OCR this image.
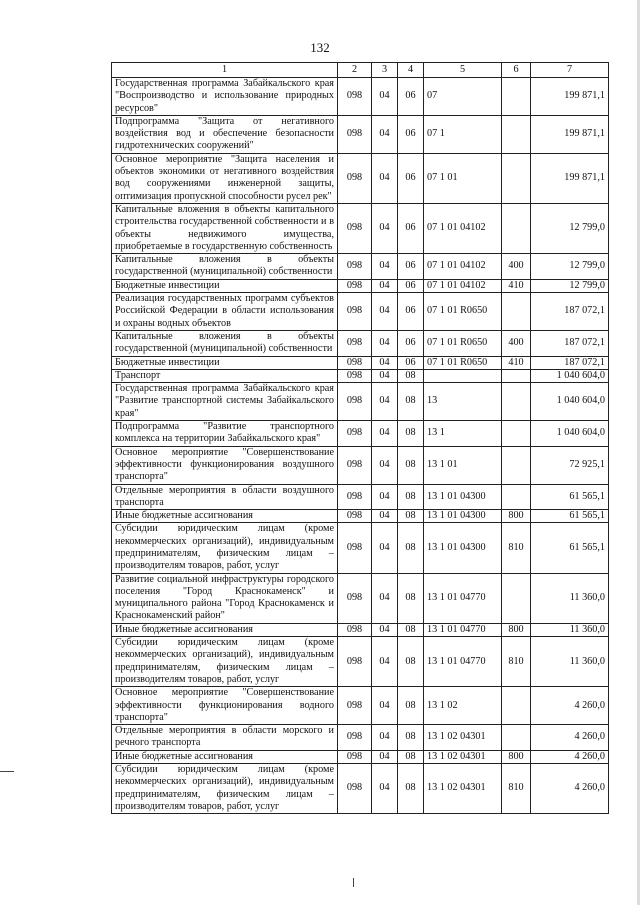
132
1	2	3	4	5	6	7
Государственная программа Забайкальского края "Воспроизводство и использование природных ресурсов"	098	04	06	07		199 871,1
Подпрограмма "Защита от негативного воздействия вод и обеспечение безопасности гидротехнических сооружений"	098	04	06	07 1		199 871,1
Основное мероприятие "Защита населения и объектов экономики от негативного воздействия вод сооружениями инженерной защиты, оптимизация пропускной способности русел рек"	098	04	06	07 1 01		199 871,1
Капитальные вложения в объекты капитального строительства государственной собственности и в объекты недвижимого имущества, приобретаемые в государственную собственность	098	04	06	07 1 01 04102		12 799,0
Капитальные вложения в объекты государственной (муниципальной) собственности	098	04	06	07 1 01 04102	400	12 799,0
Бюджетные инвестиции	098	04	06	07 1 01 04102	410	12 799,0
Реализация государственных программ субъектов Российской Федерации в области использования и охраны водных объектов	098	04	06	07 1 01 R0650		187 072,1
Капитальные вложения в объекты государственной (муниципальной) собственности	098	04	06	07 1 01 R0650	400	187 072,1
Бюджетные инвестиции	098	04	06	07 1 01 R0650	410	187 072,1
Транспорт	098	04	08			1 040 604,0
Государственная программа Забайкальского края "Развитие транспортной системы Забайкальского края"	098	04	08	13		1 040 604,0
Подпрограмма "Развитие транспортного комплекса на территории Забайкальского края"	098	04	08	13 1		1 040 604,0
Основное мероприятие "Совершенствование эффективности функционирования воздушного транспорта"	098	04	08	13 1 01		72 925,1
Отдельные мероприятия в области воздушного транспорта	098	04	08	13 1 01 04300		61 565,1
Иные бюджетные ассигнования	098	04	08	13 1 01 04300	800	61 565,1
Субсидии юридическим лицам (кроме некоммерческих организаций), индивидуальным предпринимателям, физическим лицам – производителям товаров, работ, услуг	098	04	08	13 1 01 04300	810	61 565,1
Развитие социальной инфраструктуры городского поселения "Город Краснокаменск" и муниципального района "Город Краснокаменск и Краснокаменский район"	098	04	08	13 1 01 04770		11 360,0
Иные бюджетные ассигнования	098	04	08	13 1 01 04770	800	11 360,0
Субсидии юридическим лицам (кроме некоммерческих организаций), индивидуальным предпринимателям, физическим лицам – производителям товаров, работ, услуг	098	04	08	13 1 01 04770	810	11 360,0
Основное мероприятие "Совершенствование эффективности функционирования водного транспорта"	098	04	08	13 1 02		4 260,0
Отдельные мероприятия в области морского и речного транспорта	098	04	08	13 1 02 04301		4 260,0
Иные бюджетные ассигнования	098	04	08	13 1 02 04301	800	4 260,0
Субсидии юридическим лицам (кроме некоммерческих организаций), индивидуальным предпринимателям, физическим лицам – производителям товаров, работ, услуг	098	04	08	13 1 02 04301	810	4 260,0
